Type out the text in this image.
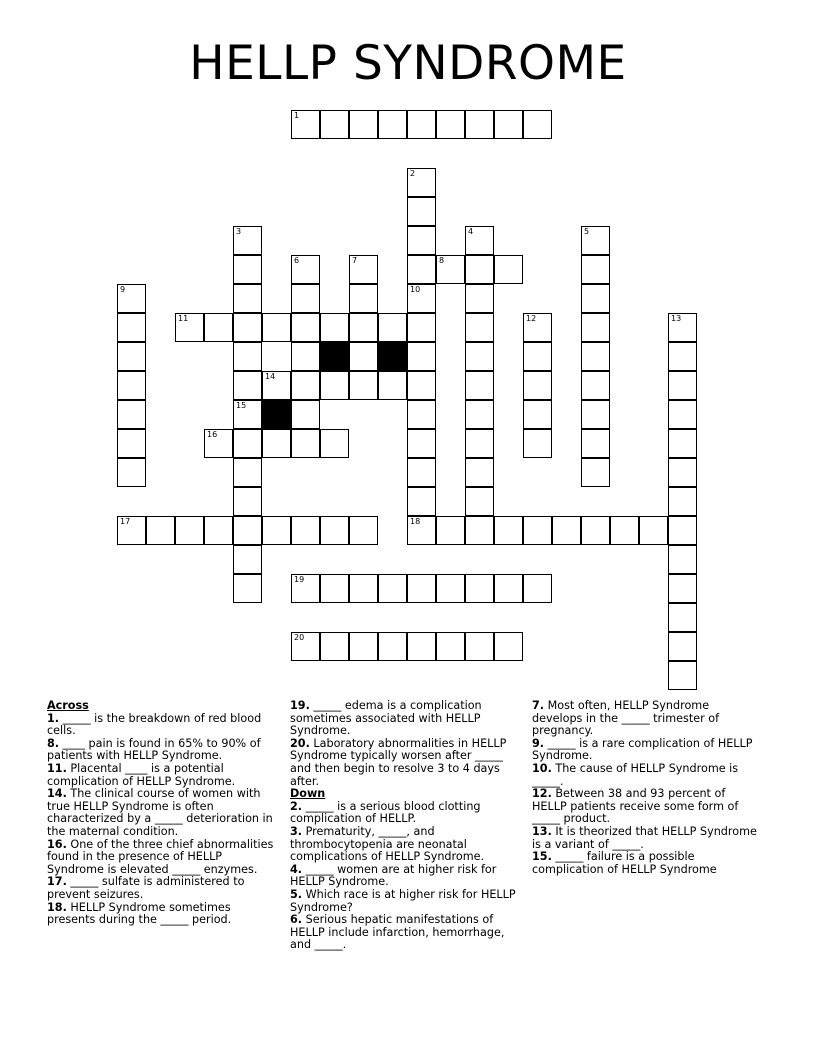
HELLP SYNDROME
1
2
3
15
4	5
6	7	8
9	10
11	12	13
14
16
17	18
19
20
Across
1. _____ is the breakdown of red blood cells.
8. ____ pain is found in 65% to 90% of patients with HELLP Syndrome.
11. Placental ____ is a potential complication of HELLP Syndrome.
14. The clinical course of women with true HELLP Syndrome is often characterized by a _____ deterioration in the maternal condition.
16. One of the three chief abnormalities found in the presence of HELLP Syndrome is elevated _____ enzymes.
17. _____ sulfate is administered to prevent seizures.
18. HELLP Syndrome sometimes presents during the _____ period.
19. _____ edema is a complication sometimes associated with HELLP Syndrome.
20. Laboratory abnormalities in HELLP Syndrome typically worsen after _____ and then begin to resolve 3 to 4 days after.
Down
2. _____ is a serious blood clotting complication of HELLP.
3. Prematurity, _____, and thrombocytopenia are neonatal complications of HELLP Syndrome.
4. _____ women are at higher risk for HELLP Syndrome.
5. Which race is at higher risk for HELLP Syndrome?
6. Serious hepatic manifestations of HELLP include infarction, hemorrhage, and _____.
7. Most often, HELLP Syndrome develops in the _____ trimester of pregnancy.
9. _____ is a rare complication of HELLP Syndrome.
10. The cause of HELLP Syndrome is _____.
12. Between 38 and 93 percent of HELLP patients receive some form of _____ product.
13. It is theorized that HELLP Syndrome is a variant of _____.
15. _____ failure is a possible complication of HELLP Syndrome
